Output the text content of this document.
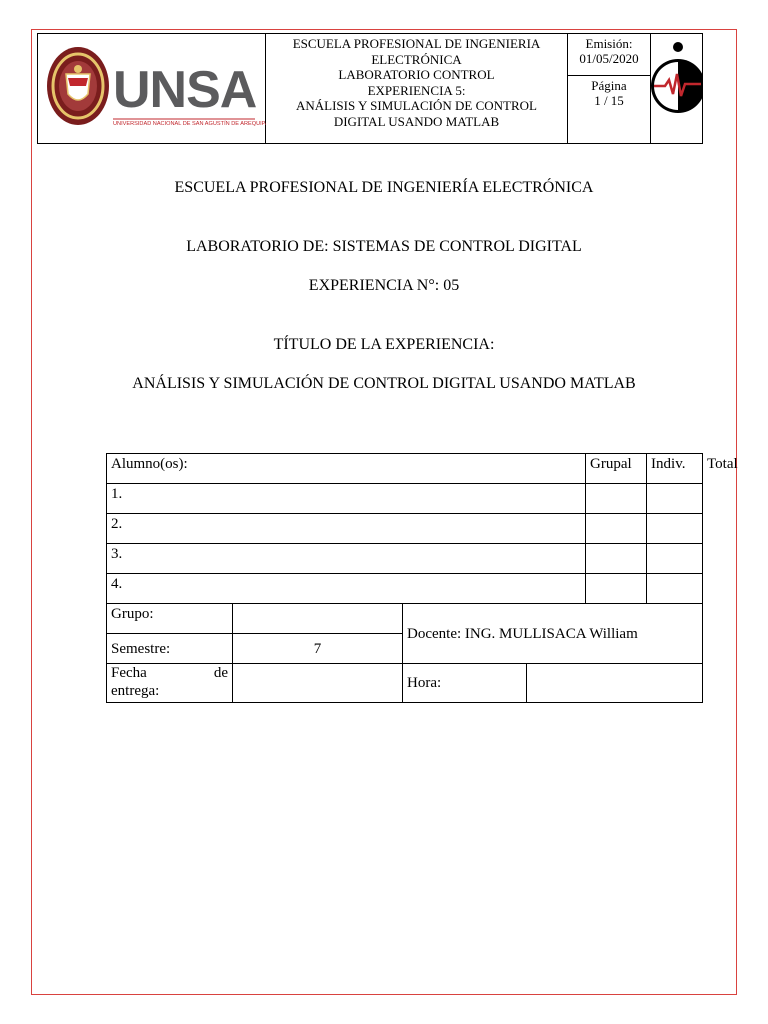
UNSA
UNIVERSIDAD NACIONAL DE SAN AGUSTÍN DE AREQUIPA

ESCUELA PROFESIONAL DE INGENIERIA
ELECTRÓNICA
LABORATORIO CONTROL
EXPERIENCIA 5:
ANÁLISIS Y SIMULACIÓN DE CONTROL
DIGITAL USANDO MATLAB

Emisión:
01/05/2020
Página
1 / 15

ESCUELA PROFESIONAL DE INGENIERÍA ELECTRÓNICA
LABORATORIO DE: SISTEMAS DE CONTROL DIGITAL
EXPERIENCIA N°: 05
TÍTULO DE LA EXPERIENCIA:
ANÁLISIS Y SIMULACIÓN DE CONTROL DIGITAL USANDO MATLAB
Alumno(os):				Grupal	Indiv.	Total
1.						
2.						
3.						
4.						
Grupo:		Docente: ING. MULLISACA William				
Semestre:	7					

Fecha de
entrega:		Hora:				
